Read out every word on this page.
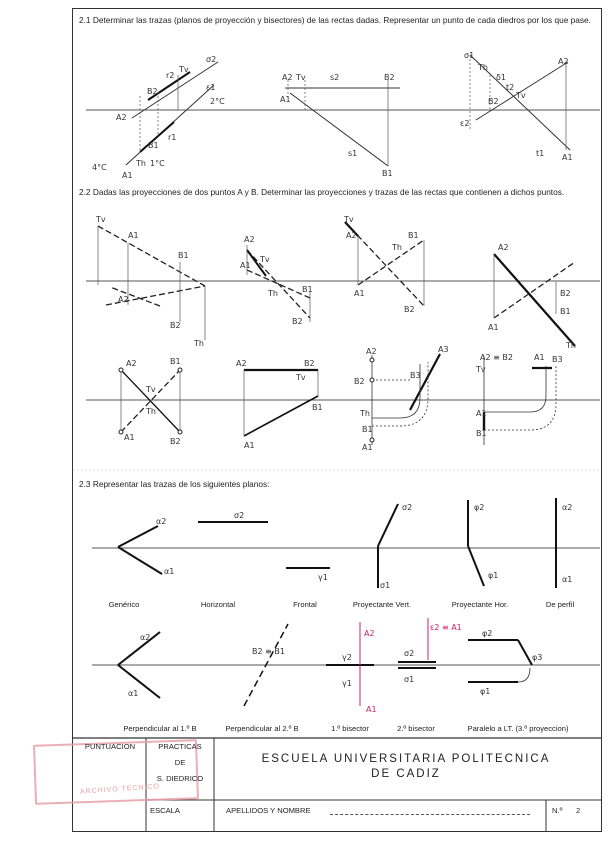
2.1 Determinar las trazas (planos de proyección y bisectores) de las rectas dadas. Representar un punto de cada diedros por los que pase.
σ2
r2
Tv
B2
A2
2°C
ε1
r1
A1
Th
B1
4°C	1°C
A2 Tv	s2	B2
A1
s1
B1
σ1
Th
A2
δ1
t2
B2
Tv
ε2
t1 A1
Tv
A1
B1
A2
B2
Th
A2
A1
Tv
Th	B1
B2
Tv
A2
Th
B1
A1
B2
A2
B2
A1
B1
Th
A2	B1
Tv
Th
A1	B2
A2	B2
Tv
B1
A1
A2	A3
B2
B3
Th
B1
A1
A2 ≡ B2	A1 B3
Tv
A1
B1
α2
α1
σ2
γ1
σ2
σ1
φ2
φ1
α2
α1
α2
α1
B2 ≡ B1
γ2
γ1
A2
A1
σ2
σ1
ε2 ≡ A1
φ2
φ1
φ3
2.2 Dadas las proyecciones de dos puntos A y B. Determinar las proyecciones y trazas de las rectas que contienen a dichos puntos.
2.3 Representar las trazas de los siguientes planos:
Genérico	Horizontal	Frontal	Proyectante Vert.	Proyectante Hor.	De perfil
Perpendicular al 1.º B	Perpendicular al 2.º B	1.º bisector	2.º bisector	Paralelo a LT. (3.º proyeccion)
ARCHIVO TECNICO
PUNTUACION	PRACTICAS
DE
S. DIEDRICO
ESCALA
ESCUELA UNIVERSITARIA POLITECNICA
DE CADIZ
APELLIDOS Y NOMBRE	N.º	2
